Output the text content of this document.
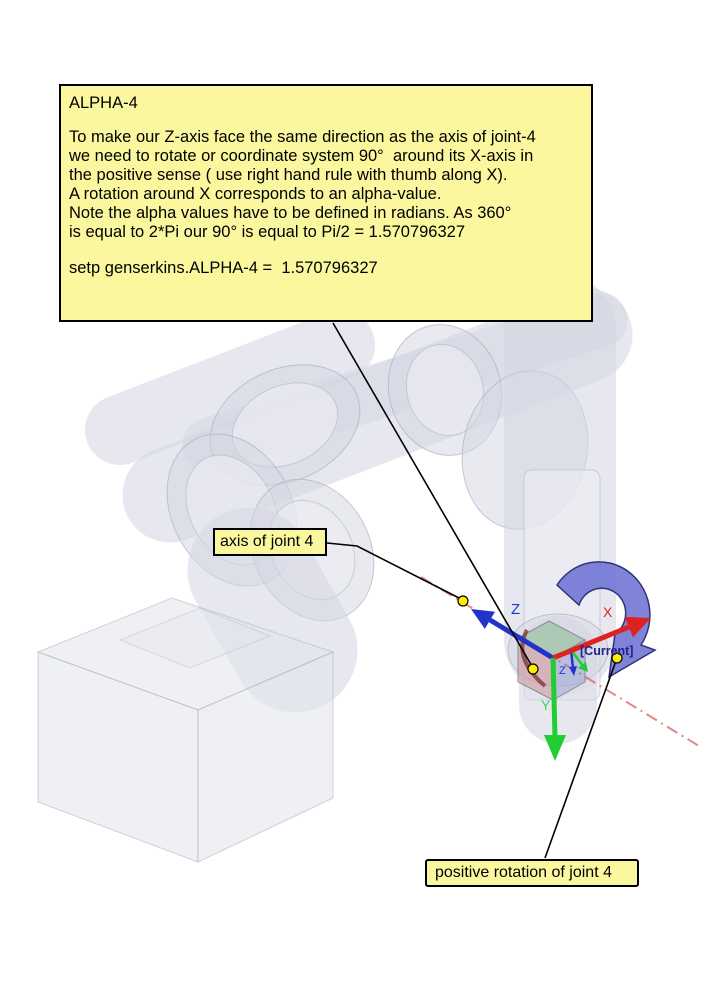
Z	X
Y
[Current]
Z
ALPHA-4
To make our Z-axis face the same direction as the axis of joint-4
we need to rotate or coordinate system 90°  around its X-axis in
the positive sense ( use right hand rule with thumb along X).
A rotation around X corresponds to an alpha-value.
Note the alpha values have to be defined in radians. As 360°
is equal to 2*Pi our 90° is equal to Pi/2 = 1.570796327
setp genserkins.ALPHA-4 =  1.570796327
axis of joint 4
positive rotation of joint 4
